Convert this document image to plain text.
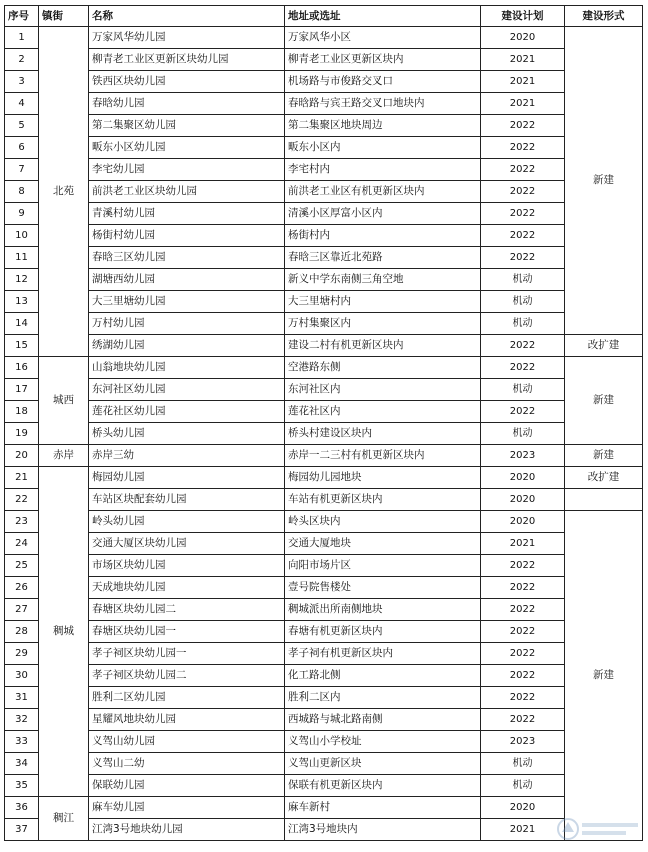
序号	镇街	名称	地址或选址	建设计划	建设形式
1	北苑	万家风华幼儿园	万家风华小区	2020	新建
2		柳青老工业区更新区块幼儿园	柳青老工业区更新区块内	2021	
3		铁西区块幼儿园	机场路与市俊路交叉口	2021	
4		春晗幼儿园	春晗路与宾王路交叉口地块内	2021	
5		第二集聚区幼儿园	第二集聚区地块周边	2022	
6		畈东小区幼儿园	畈东小区内	2022	
7		李宅幼儿园	李宅村内	2022	
8		前洪老工业区块幼儿园	前洪老工业区有机更新区块内	2022	
9		青溪村幼儿园	清溪小区厚富小区内	2022	
10		杨街村幼儿园	杨街村内	2022	
11		春晗三区幼儿园	春晗三区靠近北苑路	2022	
12		湖塘西幼儿园	新义中学东南侧三角空地	机动	
13		大三里塘幼儿园	大三里塘村内	机动	
14		万村幼儿园	万村集聚区内	机动	
15		绣湖幼儿园	建设二村有机更新区块内	2022	改扩建
16	城西	山翁地块幼儿园	空港路东侧	2022	新建
17		东河社区幼儿园	东河社区内	机动	
18		莲花社区幼儿园	莲花社区内	2022	
19		桥头幼儿园	桥头村建设区块内	机动	
20	赤岸	赤岸三幼	赤岸一二三村有机更新区块内	2023	新建
21	稠城	梅园幼儿园	梅园幼儿园地块	2020	改扩建
22		车站区块配套幼儿园	车站有机更新区块内	2020	
23		岭头幼儿园	岭头区块内	2020	新建
24		交通大厦区块幼儿园	交通大厦地块	2021	
25		市场区块幼儿园	向阳市场片区	2022	
26		天成地块幼儿园	壹号院售楼处	2022	
27		春塘区块幼儿园二	稠城派出所南侧地块	2022	
28		春塘区块幼儿园一	春塘有机更新区块内	2022	
29		孝子祠区块幼儿园一	孝子祠有机更新区块内	2022	
30		孝子祠区块幼儿园二	化工路北侧	2022	
31		胜利二区幼儿园	胜利二区内	2022	
32		星耀风地块幼儿园	西城路与城北路南侧	2022	
33		义驾山幼儿园	义驾山小学校址	2023	
34		义驾山二幼	义驾山更新区块	机动	
35		保联幼儿园	保联有机更新区块内	机动	
36	稠江	麻车幼儿园	麻车新村	2020	
37		江湾3号地块幼儿园	江湾3号地块内	2021	
